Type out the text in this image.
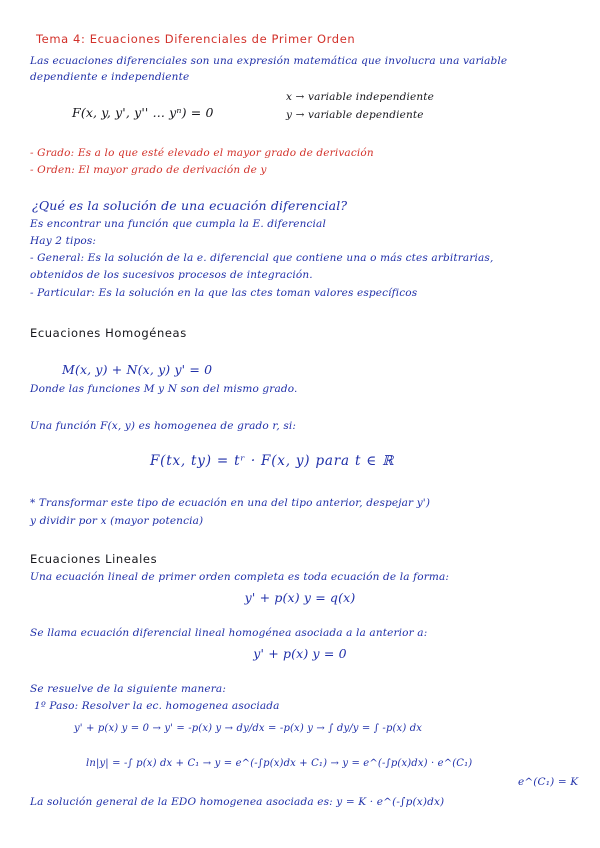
Tema 4: Ecuaciones Diferenciales de Primer Orden
Las ecuaciones diferenciales son una expresión matemática que involucra una variable
dependiente e independiente
F(x, y, y', y'' ... yⁿ) = 0
x → variable independiente
y → variable dependiente
- Grado: Es a lo que esté elevado el mayor grado de derivación
- Orden: El mayor grado de derivación de y
¿Qué es la solución de una ecuación diferencial?
Es encontrar una función que cumpla la E. diferencial
Hay 2 tipos:
- General: Es la solución de la e. diferencial que contiene una o más ctes arbitrarias,
obtenidos de los sucesivos procesos de integración.
- Particular: Es la solución en la que las ctes toman valores específicos
Ecuaciones Homogéneas
M(x, y) + N(x, y) y' = 0
Donde las funciones M y N son del mismo grado.
Una función F(x, y) es homogenea de grado r, si:
F(tx, ty) = tʳ · F(x, y) para t ∈ ℝ
* Transformar este tipo de ecuación en una del tipo anterior, despejar y')
y dividir por x (mayor potencia)
Ecuaciones Lineales
Una ecuación lineal de primer orden completa es toda ecuación de la forma:
y' + p(x) y = q(x)
Se llama ecuación diferencial lineal homogénea asociada a la anterior a:
y' + p(x) y = 0
Se resuelve de la siguiente manera:
1º Paso: Resolver la ec. homogenea asociada
y' + p(x) y = 0 → y' = -p(x) y → dy/dx = -p(x) y → ∫ dy/y = ∫ -p(x) dx
ln|y| = -∫ p(x) dx + C₁ → y = e^(-∫p(x)dx + C₁) → y = e^(-∫p(x)dx) · e^(C₁)
e^(C₁) = K
La solución general de la EDO homogenea asociada es: y = K · e^(-∫p(x)dx)
